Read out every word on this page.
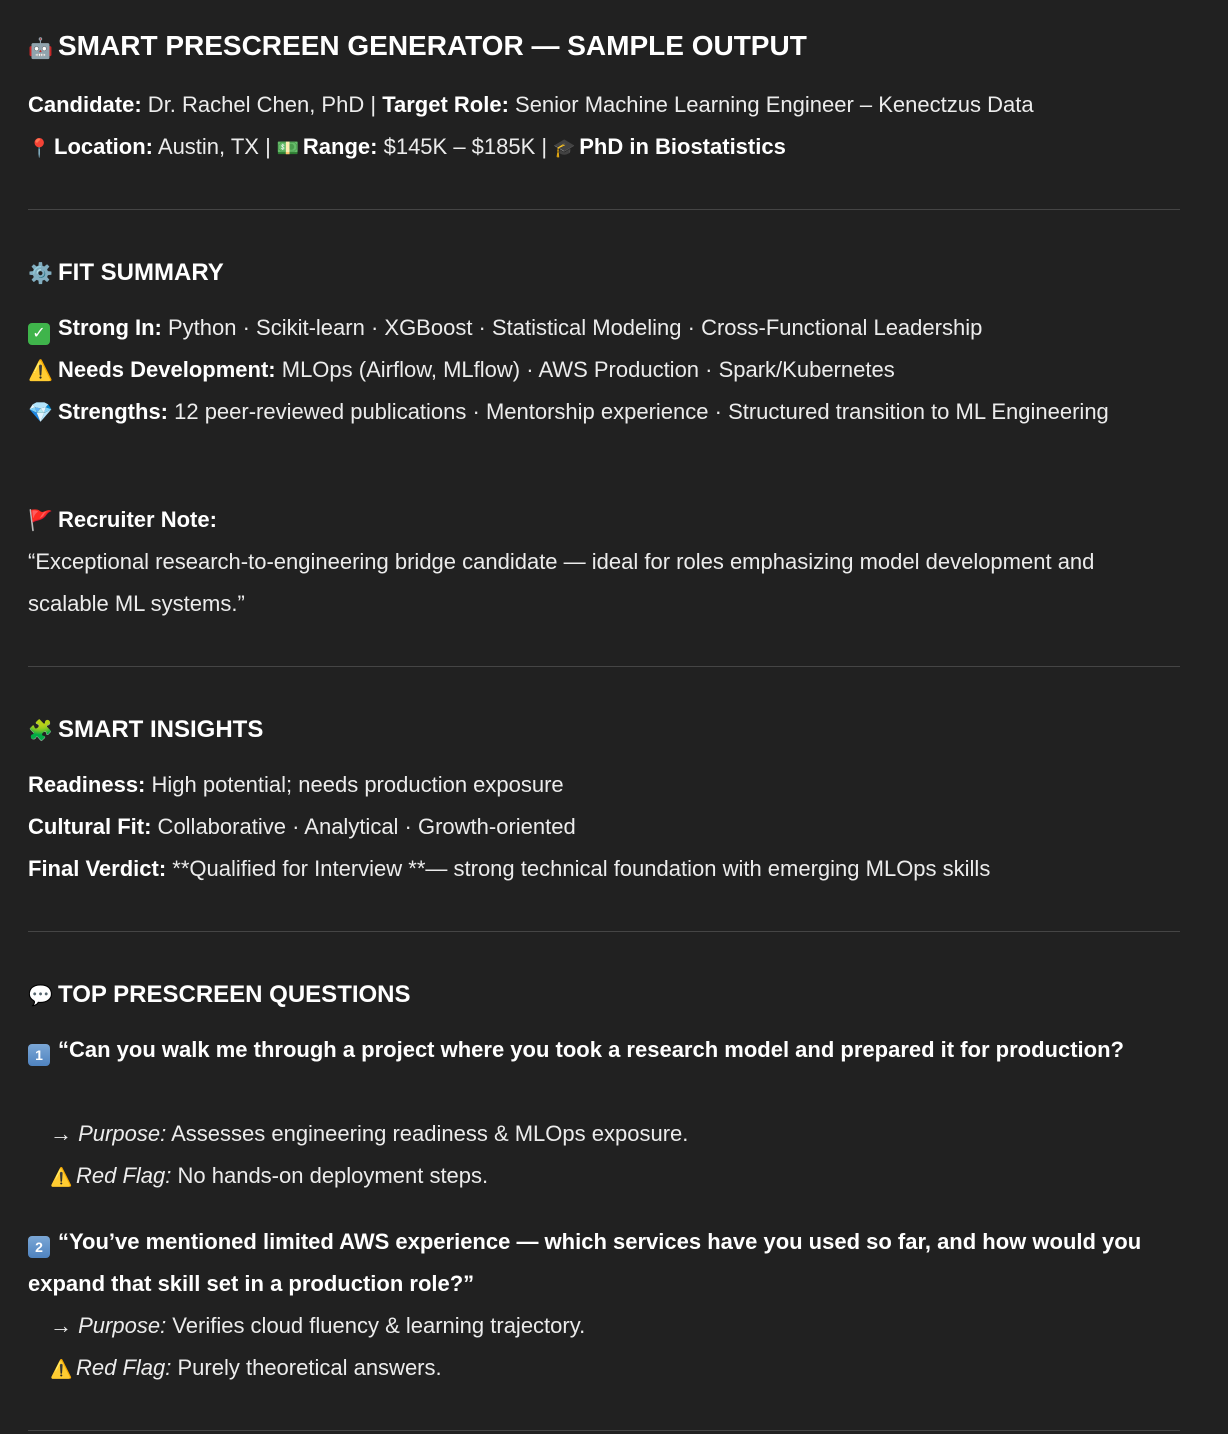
🤖 SMART PRESCREEN GENERATOR — SAMPLE OUTPUT
Candidate: Dr. Rachel Chen, PhD | Target Role: Senior Machine Learning Engineer – Kenectzus Data
📍 Location: Austin, TX | 💵 Range: $145K – $185K | 🎓 PhD in Biostatistics
⚙️ FIT SUMMARY
✓ Strong In: Python · Scikit-learn · XGBoost · Statistical Modeling · Cross-Functional Leadership
⚠️ Needs Development: MLOps (Airflow, MLflow) · AWS Production · Spark/Kubernetes
💎 Strengths: 12 peer-reviewed publications · Mentorship experience · Structured transition to ML Engineering
🚩 Recruiter Note:
“Exceptional research-to-engineering bridge candidate — ideal for roles emphasizing model development and scalable ML systems.”
🧩 SMART INSIGHTS
Readiness: High potential; needs production exposure
Cultural Fit: Collaborative · Analytical · Growth-oriented
Final Verdict: **Qualified for Interview **— strong technical foundation with emerging MLOps skills
💬 TOP PRESCREEN QUESTIONS
1 “Can you walk me through a project where you took a research model and prepared it for production?
→ Purpose: Assesses engineering readiness & MLOps exposure.
⚠️ Red Flag: No hands-on deployment steps.
2 “You’ve mentioned limited AWS experience — which services have you used so far, and how would you expand that skill set in a production role?”
→ Purpose: Verifies cloud fluency & learning trajectory.
⚠️ Red Flag: Purely theoretical answers.
